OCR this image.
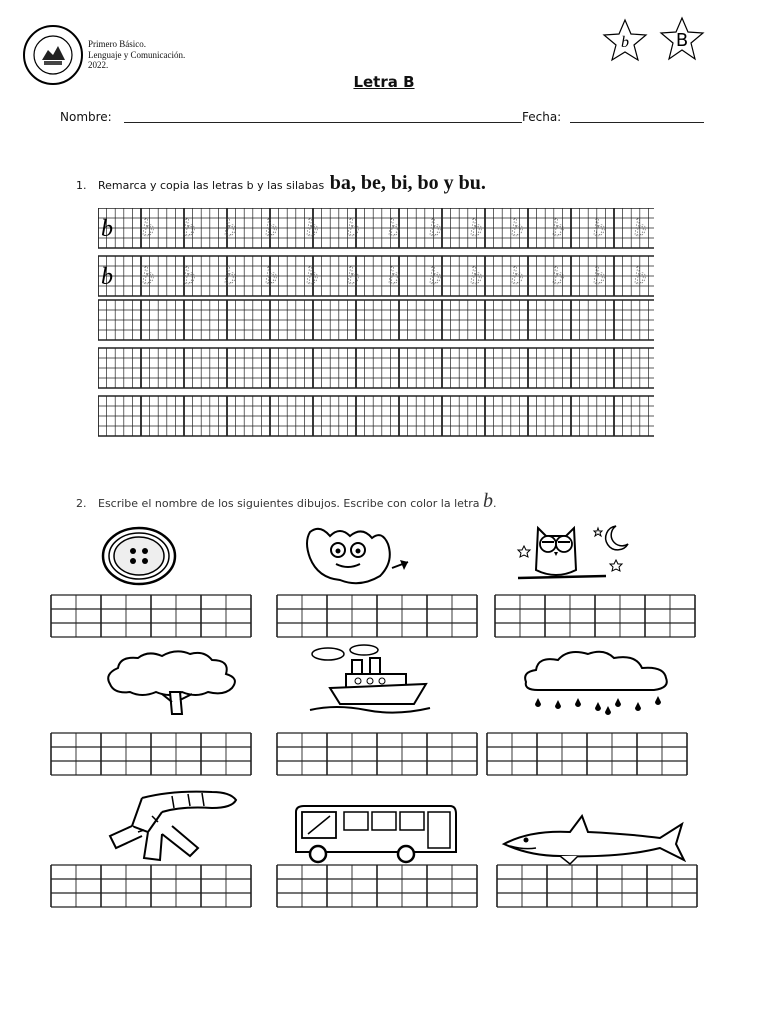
Primero Básico.
Lenguaje y Comunicación.
2022.
b	B
Letra B
Nombre:	Fecha:
1. Remarca y copia las letras b y las silabas ba, be, bi, bo y bu.
b b b b b b b b b b b b b b
b b b b b b b b b b b b b b
2. Escribe el nombre de los siguientes dibujos. Escribe con color la letra b.
